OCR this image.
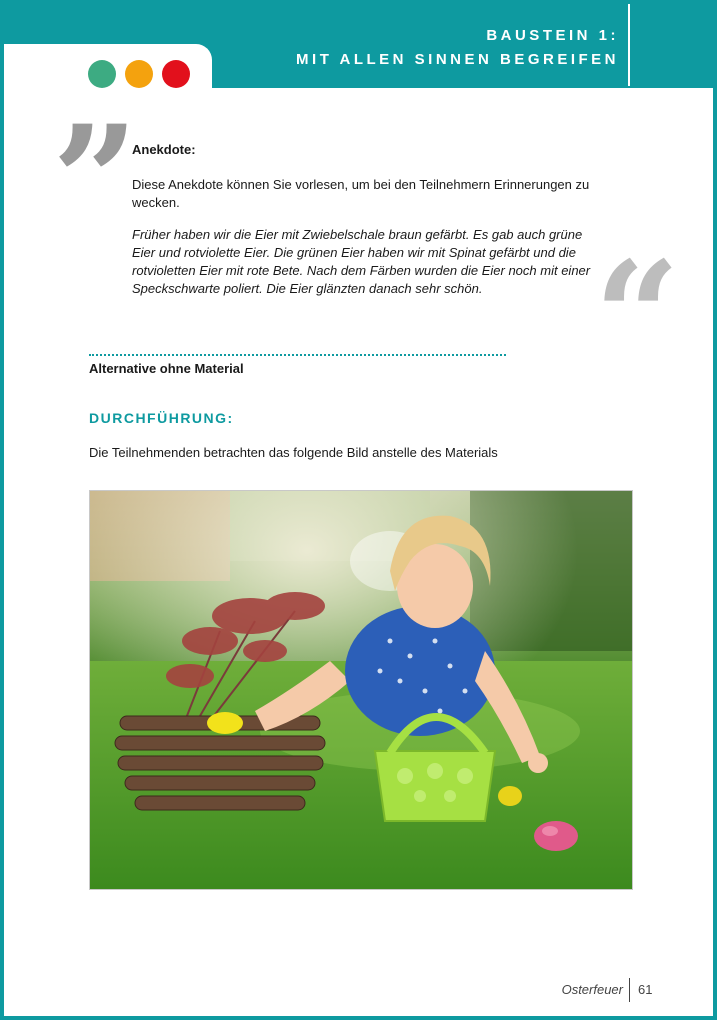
BAUSTEIN 1:
MIT ALLEN SINNEN BEGREIFEN
”
Anekdote:
Diese Anekdote können Sie vorlesen, um bei den Teilnehmern Erinnerungen zu wecken.
Früher haben wir die Eier mit Zwiebelschale braun gefärbt. Es gab auch grüne Eier und rotviolette Eier. Die grünen Eier haben wir mit Spinat gefärbt und die rotvioletten Eier mit rote Bete. Nach dem Färben wurden die Eier noch mit einer Speckschwarte poliert. Die Eier glänzten danach sehr schön. “
Alternative ohne Material
DURCHFÜHRUNG:
Die Teilnehmenden betrachten das folgende Bild anstelle des Materials
Osterfeuer 61
